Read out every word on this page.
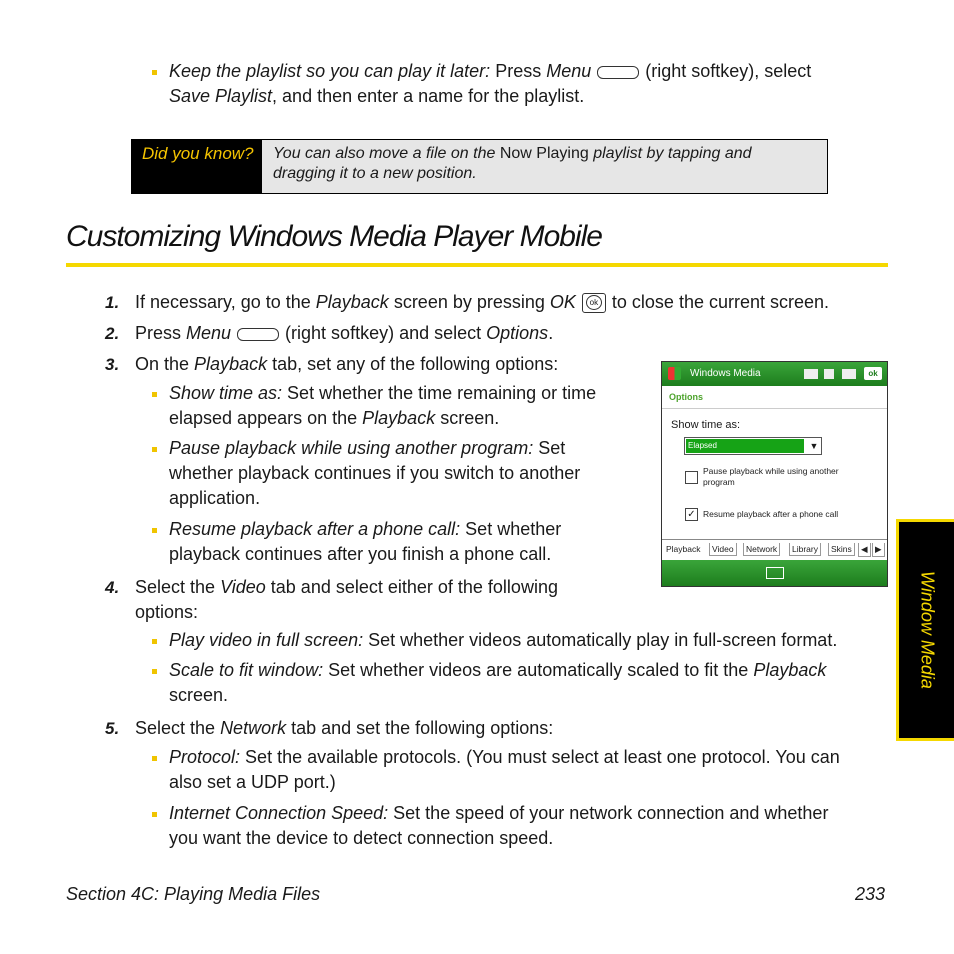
Keep the playlist so you can play it later: Press Menu	(right softkey), select
Save Playlist, and then enter a name for the playlist.
Did you know?	You can also move a file on the Now Playing playlist by tapping and
dragging it to a new position.
Customizing Windows Media Player Mobile
1. If necessary, go to the Playback screen by pressing OKok to close the current screen.
2. Press Menu	(right softkey) and select Options.
3. On the Playback tab, set any of the following options:
Show time as: Set whether the time remaining or time
elapsed appears on the Playback screen.
Pause playback while using another program: Set
whether playback continues if you switch to another
application.
Resume playback after a phone call: Set whether
playback continues after you finish a phone call.
4. Select the Video tab and select either of the following
options:
Play video in full screen: Set whether videos automatically play in full-screen format.
Scale to fit window: Set whether videos are automatically scaled to fit the Playback
screen.
5. Select the Network tab and set the following options:
Protocol: Set the available protocols. (You must select at least one protocol. You can
also set a UDP port.)
Internet Connection Speed: Set the speed of your network connection and whether
you want the device to detect connection speed.
Windows Media	ok
Options
Show time as:
Elapsed	▼
Pause playback while using another
program
✓ Resume playback after a phone call
Playback	Video	Network	Library	Skins	◀ ▶
Window Media
Section 4C: Playing Media Files	233
